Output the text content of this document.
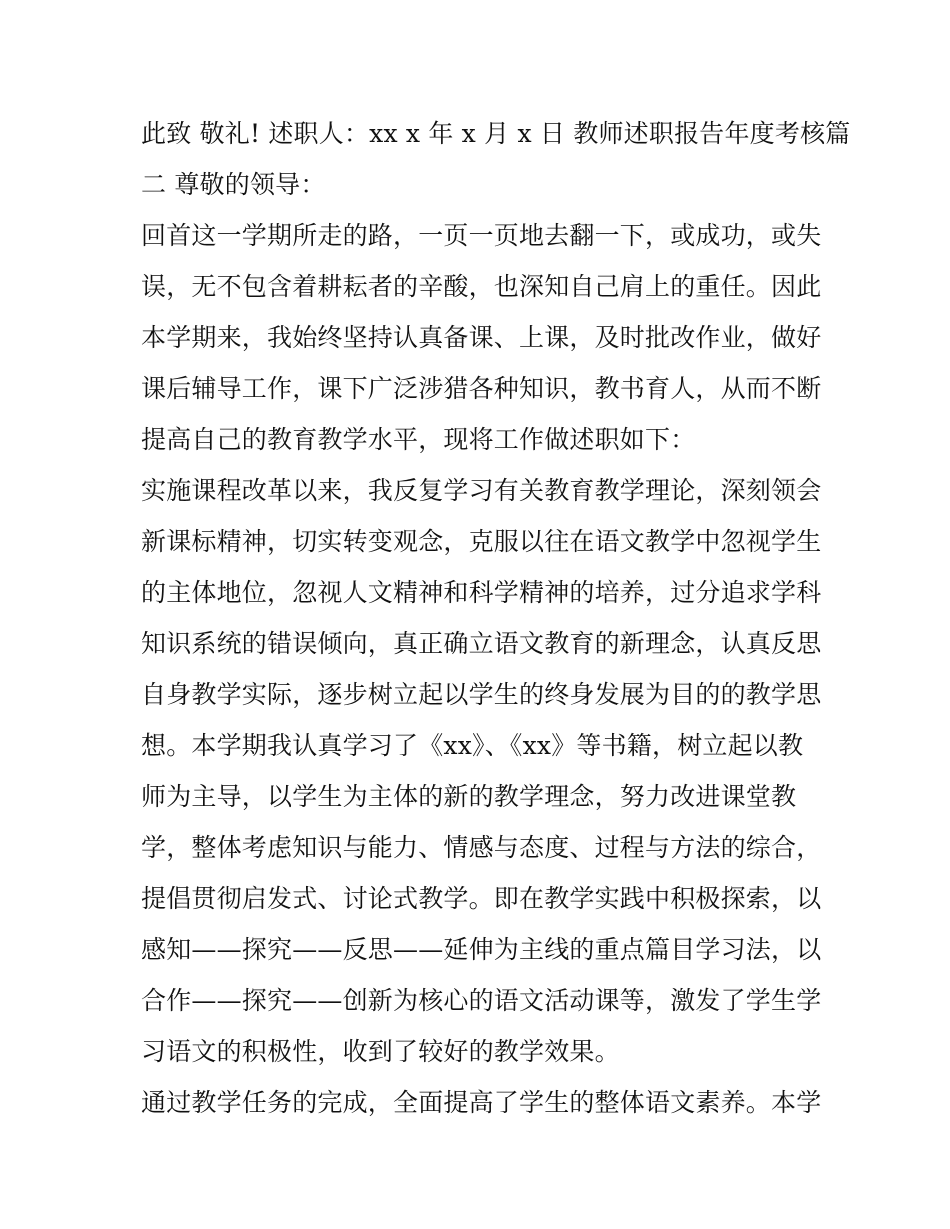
此致 敬礼! 述职人：xx x 年 x 月 x 日 教师述职报告年度考核篇
二 尊敬的领导：
回首这一学期所走的路，一页一页地去翻一下，或成功，或失
误，无不包含着耕耘者的辛酸，也深知自己肩上的重任。因此
本学期来，我始终坚持认真备课、上课，及时批改作业，做好
课后辅导工作，课下广泛涉猎各种知识，教书育人，从而不断
提高自己的教育教学水平，现将工作做述职如下：
实施课程改革以来，我反复学习有关教育教学理论，深刻领会
新课标精神，切实转变观念，克服以往在语文教学中忽视学生
的主体地位，忽视人文精神和科学精神的培养，过分追求学科
知识系统的错误倾向，真正确立语文教育的新理念，认真反思
自身教学实际，逐步树立起以学生的终身发展为目的的教学思
想。本学期我认真学习了《xx》、《xx》等书籍，树立起以教
师为主导，以学生为主体的新的教学理念，努力改进课堂教
学，整体考虑知识与能力、情感与态度、过程与方法的综合，
提倡贯彻启发式、讨论式教学。即在教学实践中积极探索，以
感知——探究——反思——延伸为主线的重点篇目学习法，以
合作——探究——创新为核心的语文活动课等，激发了学生学
习语文的积极性，收到了较好的教学效果。
通过教学任务的完成，全面提高了学生的整体语文素养。本学
